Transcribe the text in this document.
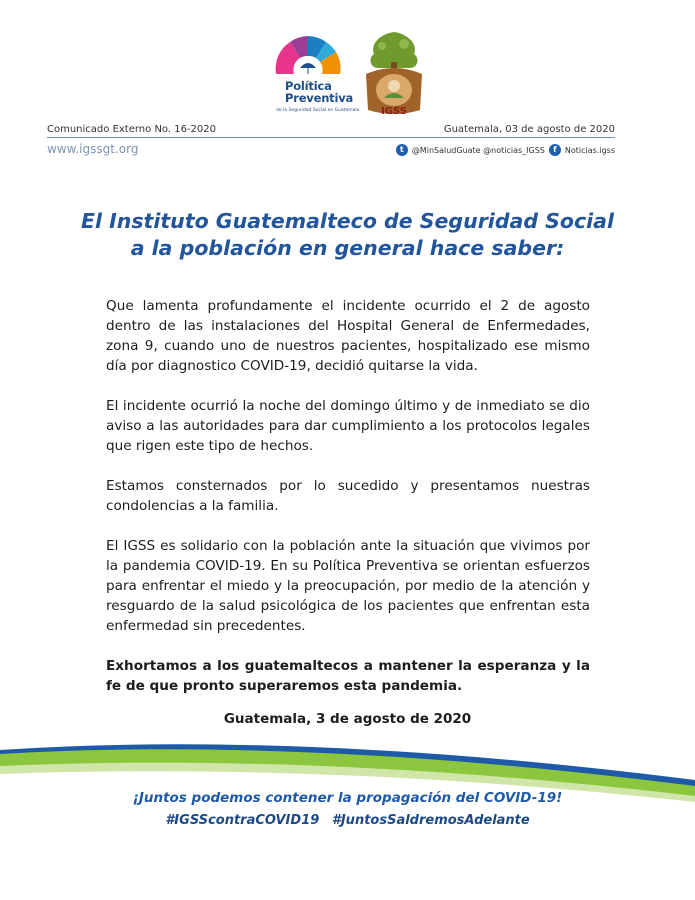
Política
Preventiva
de la Seguridad Social en Guatemala IGSS
Comunicado Externo No. 16-2020	Guatemala, 03 de agosto de 2020
www.igssgt.org	t	@MinSaludGuate @noticias_IGSS	f	Noticias.igss
El Instituto Guatemalteco de Seguridad Social
a la población en general hace saber:

Que lamenta profundamente el incidente ocurrido el 2 de agosto dentro de las instalaciones del Hospital General de Enfermedades, zona 9, cuando uno de nuestros pacientes, hospitalizado ese mismo día por diagnostico COVID-19, decidió quitarse la vida.

El incidente ocurrió la noche del domingo último y de inmediato se dio aviso a las autoridades para dar cumplimiento a los protocolos legales que rigen este tipo de hechos.

Estamos consternados por lo sucedido y presentamos nuestras condolencias a la familia.

El IGSS es solidario con la población ante la situación que vivimos por la pandemia COVID-19. En su Política Preventiva se orientan esfuerzos para enfrentar el miedo y la preocupación, por medio de la atención y resguardo de la salud psicológica de los pacientes que enfrentan esta enfermedad sin precedentes.

Exhortamos a los guatemaltecos a mantener la esperanza y la fe de que pronto superaremos esta pandemia.

Guatemala, 3 de agosto de 2020
¡Juntos podemos contener la propagación del COVID-19!
#IGSScontraCOVID19 #JuntosSaldremosAdelante
